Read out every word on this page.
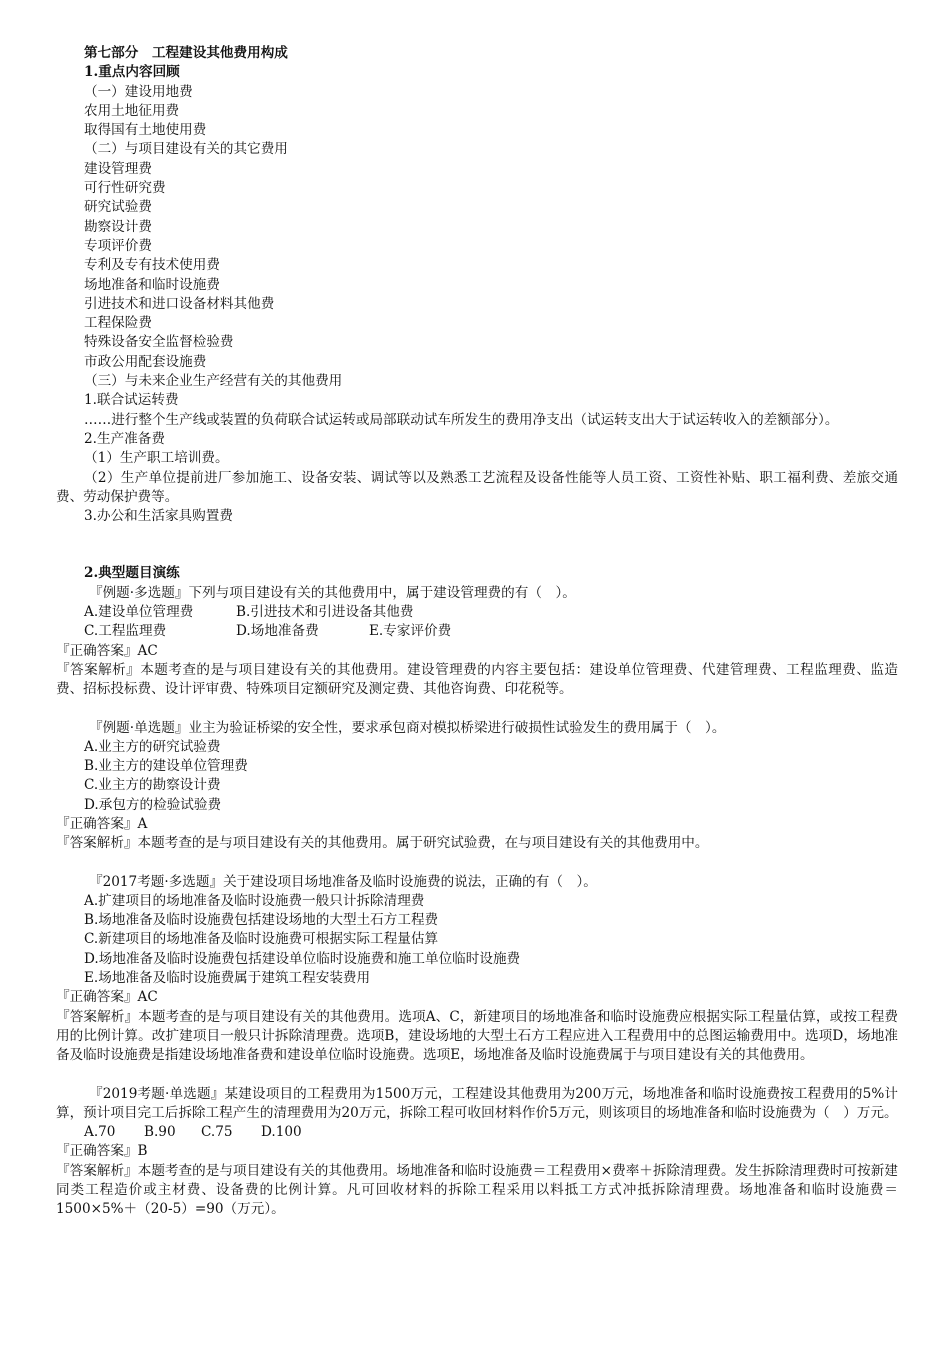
第七部分　工程建设其他费用构成
1.重点内容回顾
（一）建设用地费
农用土地征用费
取得国有土地使用费
（二）与项目建设有关的其它费用
建设管理费
可行性研究费
研究试验费
勘察设计费
专项评价费
专利及专有技术使用费
场地准备和临时设施费
引进技术和进口设备材料其他费
工程保险费
特殊设备安全监督检验费
市政公用配套设施费
（三）与未来企业生产经营有关的其他费用
1.联合试运转费
……进行整个生产线或装置的负荷联合试运转或局部联动试车所发生的费用净支出（试运转支出大于试运转收入的差额部分）。
2.生产准备费
（1）生产职工培训费。
（2）生产单位提前进厂参加施工、设备安装、调试等以及熟悉工艺流程及设备性能等人员工资、工资性补贴、职工福利费、差旅交通费、劳动保护费等。
3.办公和生活家具购置费
2.典型题目演练
『例题·多选题』下列与项目建设有关的其他费用中，属于建设管理费的有（　）。
A.建设单位管理费	B.引进技术和引进设备其他费
C.工程监理费	D.场地准备费	E.专家评价费
『正确答案』AC
『答案解析』本题考查的是与项目建设有关的其他费用。建设管理费的内容主要包括：建设单位管理费、代建管理费、工程监理费、监造费、招标投标费、设计评审费、特殊项目定额研究及测定费、其他咨询费、印花税等。
『例题·单选题』业主为验证桥梁的安全性，要求承包商对模拟桥梁进行破损性试验发生的费用属于（　）。
A.业主方的研究试验费
B.业主方的建设单位管理费
C.业主方的勘察设计费
D.承包方的检验试验费
『正确答案』A
『答案解析』本题考查的是与项目建设有关的其他费用。属于研究试验费，在与项目建设有关的其他费用中。
『2017考题·多选题』关于建设项目场地准备及临时设施费的说法，正确的有（　）。
A.扩建项目的场地准备及临时设施费一般只计拆除清理费
B.场地准备及临时设施费包括建设场地的大型土石方工程费
C.新建项目的场地准备及临时设施费可根据实际工程量估算
D.场地准备及临时设施费包括建设单位临时设施费和施工单位临时设施费
E.场地准备及临时设施费属于建筑工程安装费用
『正确答案』AC
『答案解析』本题考查的是与项目建设有关的其他费用。选项A、C，新建项目的场地准备和临时设施费应根据实际工程量估算，或按工程费用的比例计算。改扩建项目一般只计拆除清理费。选项B，建设场地的大型土石方工程应进入工程费用中的总图运输费用中。选项D，场地准备及临时设施费是指建设场地准备费和建设单位临时设施费。选项E，场地准备及临时设施费属于与项目建设有关的其他费用。
『2019考题·单选题』某建设项目的工程费用为1500万元，工程建设其他费用为200万元，场地准备和临时设施费按工程费用的5%计算，预计项目完工后拆除工程产生的清理费用为20万元，拆除工程可收回材料作价5万元，则该项目的场地准备和临时设施费为（　）万元。
A.70 B.90 C.75 D.100
『正确答案』B
『答案解析』本题考查的是与项目建设有关的其他费用。场地准备和临时设施费＝工程费用×费率＋拆除清理费。发生拆除清理费时可按新建同类工程造价或主材费、设备费的比例计算。凡可回收材料的拆除工程采用以料抵工方式冲抵拆除清理费。场地准备和临时设施费＝1500×5%＋（20-5）=90（万元）。
